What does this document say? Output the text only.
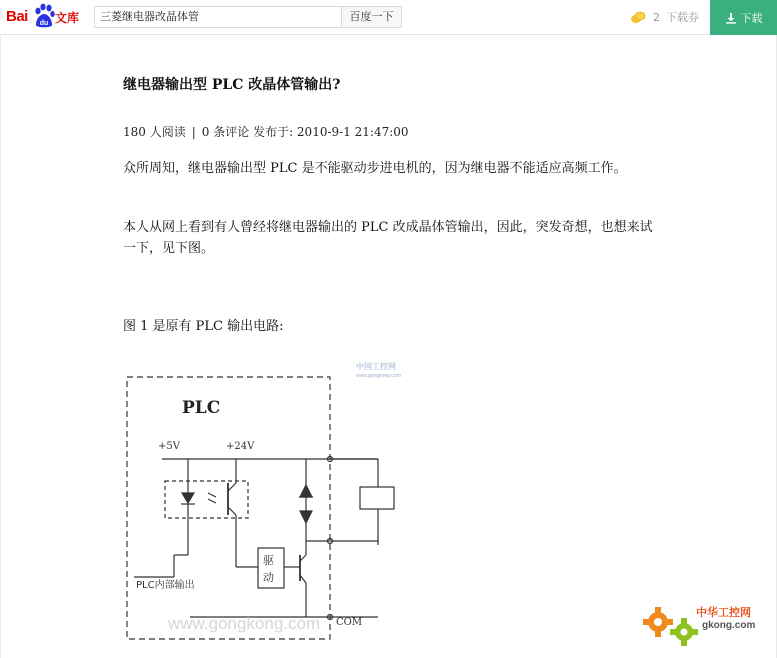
Bai du 文库	三菱继电器改晶体管	百度一下	2 下载券	下载
继电器输出型 PLC 改晶体管输出?
180 人阅读 | 0 条评论 发布于: 2010-9-1 21:47:00
众所周知，继电器输出型 PLC 是不能驱动步进电机的，因为继电器不能适应高频工作。
本人从网上看到有人曾经将继电器输出的 PLC 改成晶体管输出，因此，突发奇想，也想来试一下，见下图。
图 1 是原有 PLC 输出电路:
PLC
+5V	+24V
驱
动
PLC内部输出
COM
中国工控网
www.gongkong.com
www.gongkong.com
中华工控网
gkong.com
